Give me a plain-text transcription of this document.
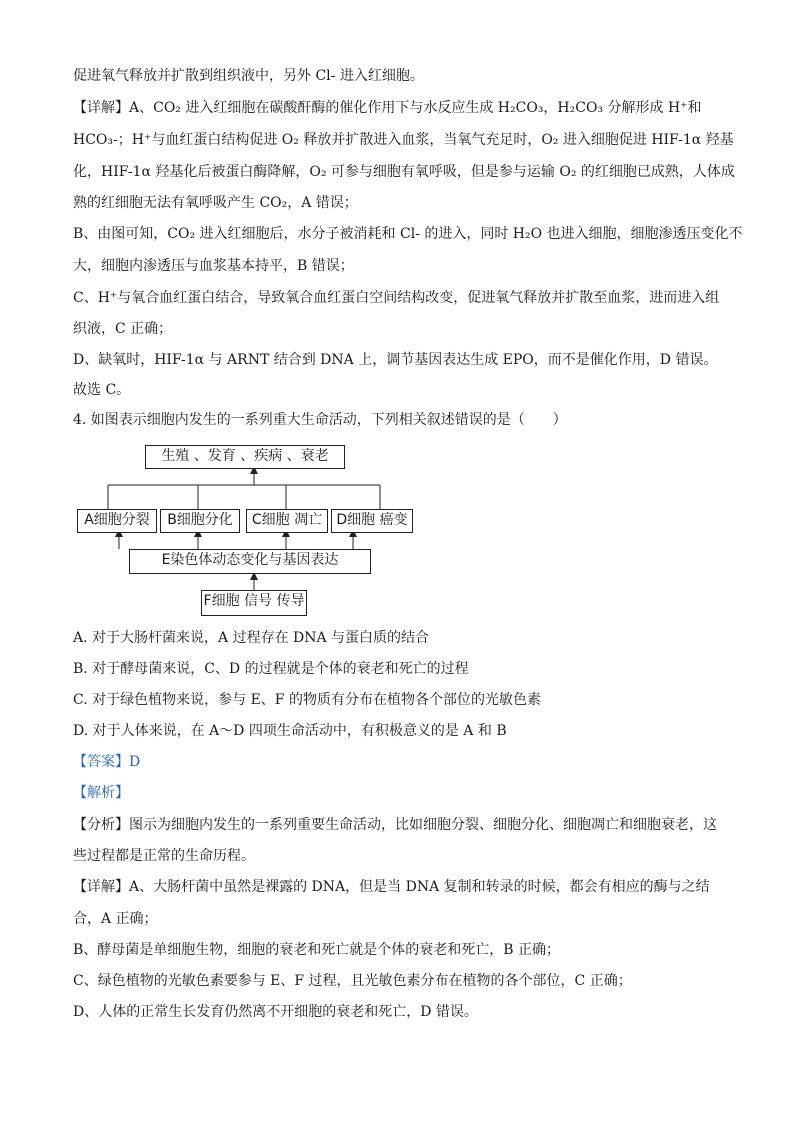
促进氧气释放并扩散到组织液中，另外 Cl- 进入红细胞。
【详解】A、CO₂ 进入红细胞在碳酸酐酶的催化作用下与水反应生成 H₂CO₃，H₂CO₃ 分解形成 H⁺和
HCO₃-；H⁺与血红蛋白结构促进 O₂ 释放并扩散进入血浆，当氧气充足时，O₂ 进入细胞促进 HIF-1α 羟基
化，HIF-1α 羟基化后被蛋白酶降解，O₂ 可参与细胞有氧呼吸，但是参与运输 O₂ 的红细胞已成熟，人体成
熟的红细胞无法有氧呼吸产生 CO₂，A 错误；
B、由图可知，CO₂ 进入红细胞后，水分子被消耗和 Cl- 的进入，同时 H₂O 也进入细胞，细胞渗透压变化不
大，细胞内渗透压与血浆基本持平，B 错误；
C、H⁺与氧合血红蛋白结合，导致氧合血红蛋白空间结构改变，促进氧气释放并扩散至血浆，进而进入组
织液，C 正确；
D、缺氧时，HIF-1α 与 ARNT 结合到 DNA 上，调节基因表达生成 EPO，而不是催化作用，D 错误。
故选 C。
4. 如图表示细胞内发生的一系列重大生命活动，下列相关叙述错误的是（　　）
生殖 、发育 、疾病 、衰老
A细胞分裂	B细胞分化	C细胞 凋亡	D细胞 癌变
E染色体动态变化与基因表达
F细胞 信号 传导
A. 对于大肠杆菌来说，A 过程存在 DNA 与蛋白质的结合
B. 对于酵母菌来说，C、D 的过程就是个体的衰老和死亡的过程
C. 对于绿色植物来说，参与 E、F 的物质有分布在植物各个部位的光敏色素
D. 对于人体来说，在 A～D 四项生命活动中，有积极意义的是 A 和 B
【答案】D
【解析】
【分析】图示为细胞内发生的一系列重要生命活动，比如细胞分裂、细胞分化、细胞凋亡和细胞衰老，这
些过程都是正常的生命历程。
【详解】A、大肠杆菌中虽然是裸露的 DNA，但是当 DNA 复制和转录的时候，都会有相应的酶与之结
合，A 正确；
B、酵母菌是单细胞生物，细胞的衰老和死亡就是个体的衰老和死亡，B 正确；
C、绿色植物的光敏色素要参与 E、F 过程，且光敏色素分布在植物的各个部位，C 正确；
D、人体的正常生长发育仍然离不开细胞的衰老和死亡，D 错误。
